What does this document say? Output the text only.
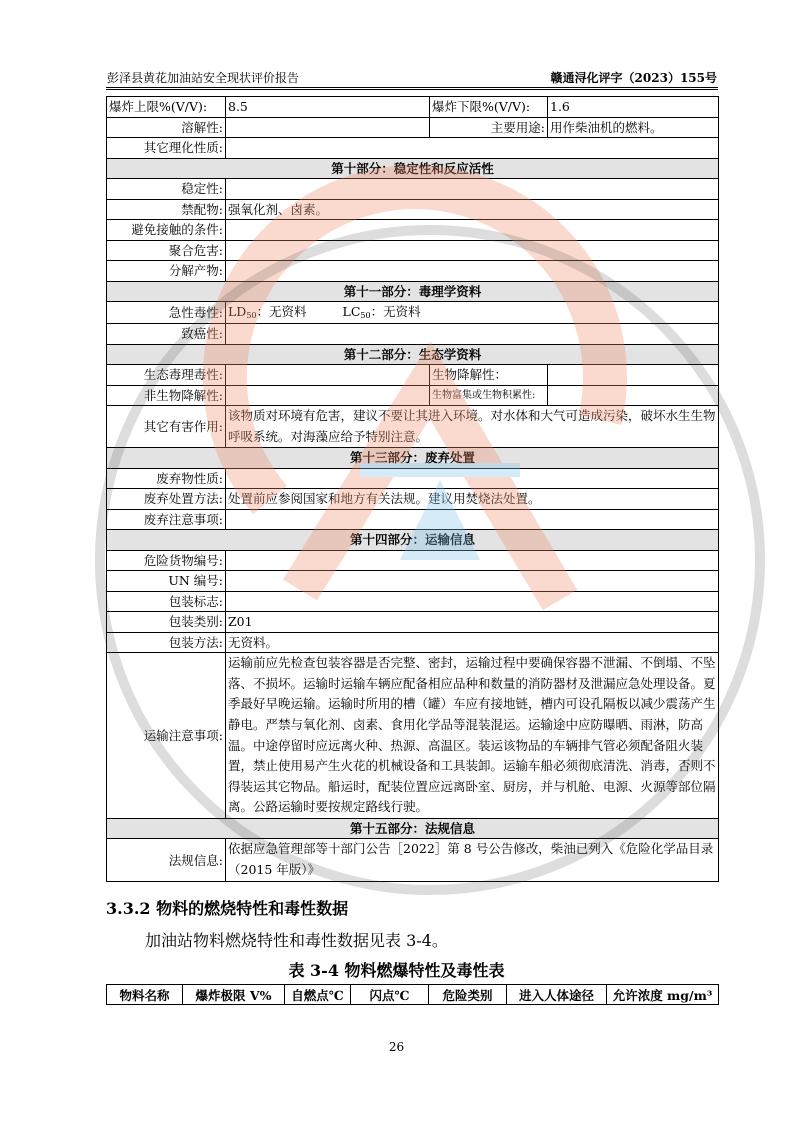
彭泽县黄花加油站安全现状评价报告	赣通浔化评字（2023）155号
爆炸上限%(V/V):	8.5	爆炸下限%(V/V):	1.6
溶解性:		主要用途:	用作柴油机的燃料。
其它理化性质:			
第十部分：稳定性和反应活性			
稳定性:			
禁配物:	强氧化剂、卤素。		
避免接触的条件:			
聚合危害:			
分解产物:			
第十一部分：毒理学资料			
急性毒性:	LD50：无资料 LC50：无资料		
致癌性:			
第十二部分：生态学资料			
生态毒理毒性:		生物降解性：	
非生物降解性:		生物富集或生物积累性:	
其它有害作用:	该物质对环境有危害，建议不要让其进入环境。对水体和大气可造成污染，破坏水生生物呼吸系统。对海藻应给予特别注意。		
第十三部分：废弃处置			
废弃物性质:			
废弃处置方法:	处置前应参阅国家和地方有关法规。建议用焚烧法处置。		
废弃注意事项:			
第十四部分：运输信息			
危险货物编号:			
UN 编号:			
包装标志:			
包装类别:	Z01		
包装方法:	无资料。		
运输注意事项:	运输前应先检查包装容器是否完整、密封，运输过程中要确保容器不泄漏、不倒塌、不坠落、不损坏。运输时运输车辆应配备相应品种和数量的消防器材及泄漏应急处理设备。夏季最好早晚运输。运输时所用的槽（罐）车应有接地链，槽内可设孔隔板以减少震荡产生静电。严禁与氧化剂、卤素、食用化学品等混装混运。运输途中应防曝晒、雨淋，防高温。中途停留时应远离火种、热源、高温区。装运该物品的车辆排气管必须配备阻火装置，禁止使用易产生火花的机械设备和工具装卸。运输车船必须彻底清洗、消毒，否则不得装运其它物品。船运时，配装位置应远离卧室、厨房，并与机舱、电源、火源等部位隔离。公路运输时要按规定路线行驶。		
第十五部分：法规信息			
法规信息:	依据应急管理部等十部门公告［2022］第 8 号公告修改，柴油已列入《危险化学品目录（2015 年版）》		
3.3.2 物料的燃烧特性和毒性数据
加油站物料燃烧特性和毒性数据见表 3-4。
表 3-4 物料燃爆特性及毒性表
物料名称	爆炸极限 V%	自燃点℃	闪点℃	危险类别	进入人体途径	允许浓度 mg/m³
26
